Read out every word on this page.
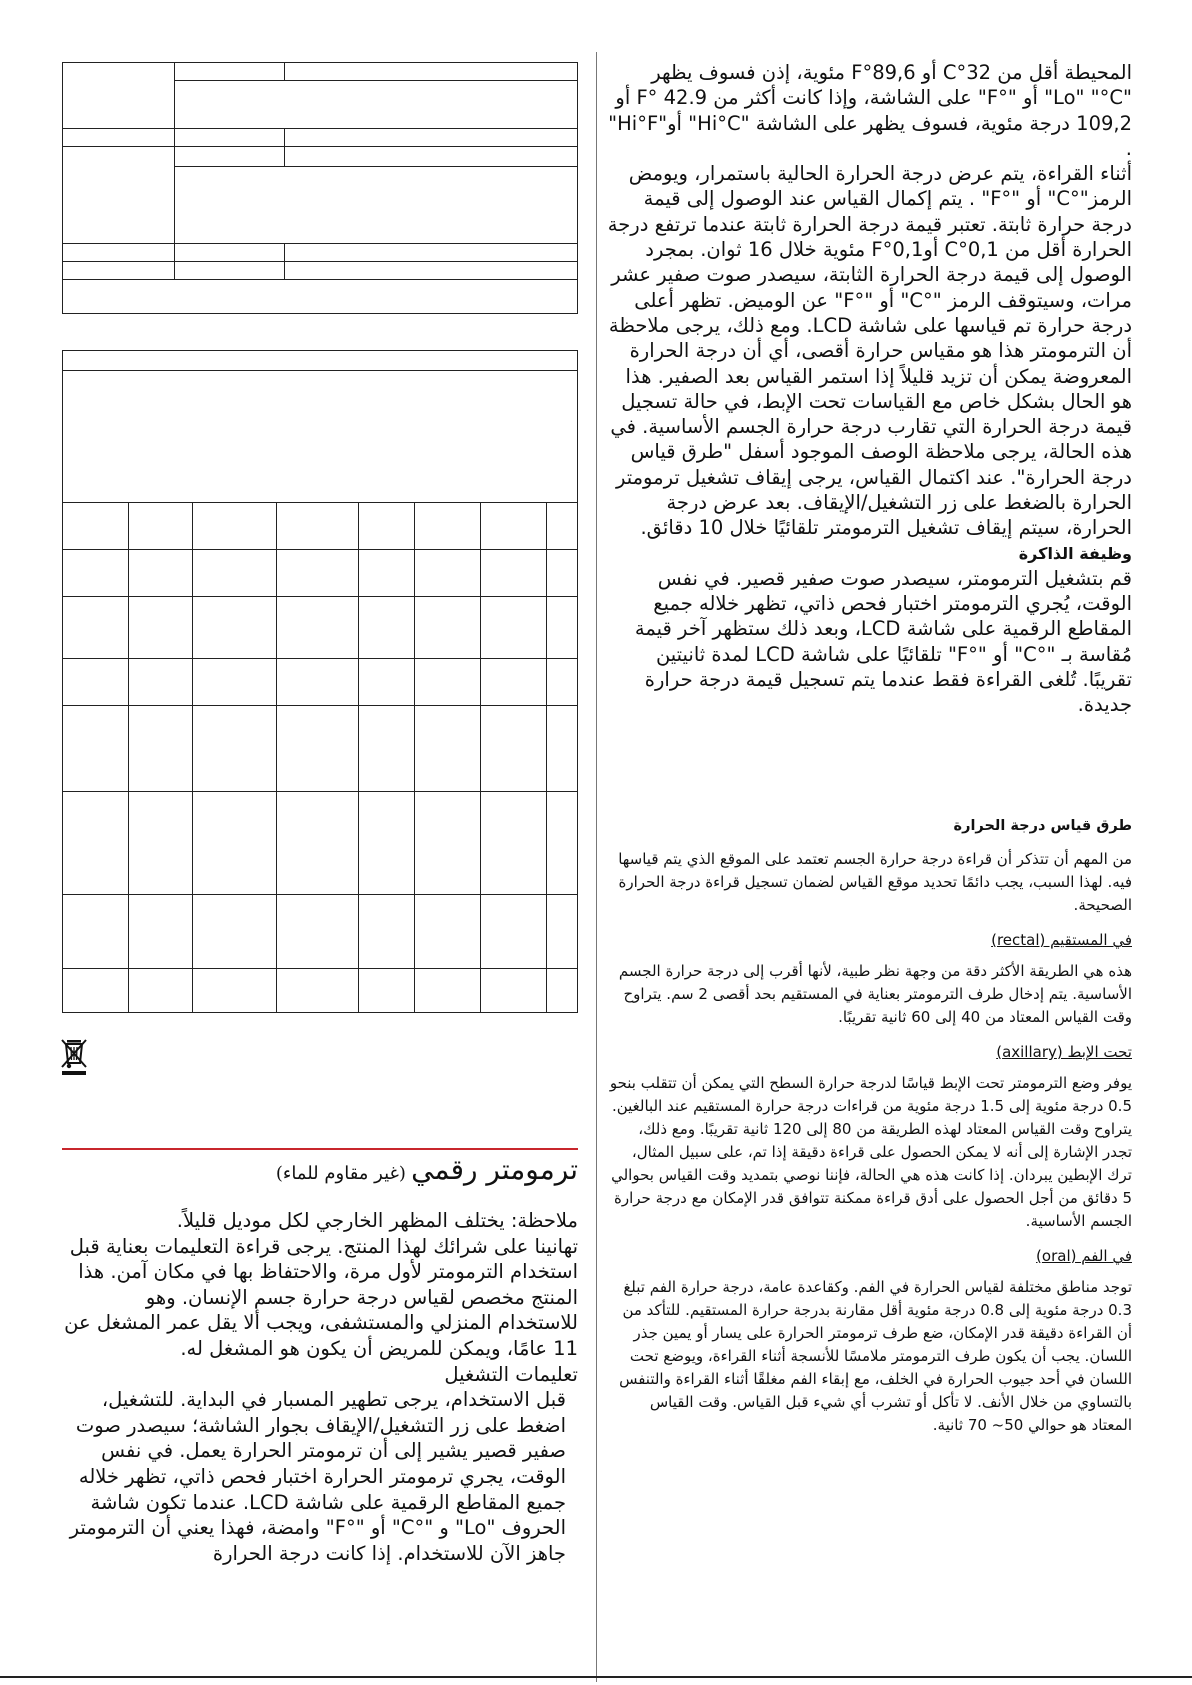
ترمومتر رقمي (غير مقاوم للماء)

ملاحظة: يختلف المظهر الخارجي لكل موديل قليلاً.

تهانينا على شرائك لهذا المنتج. يرجى قراءة التعليمات بعناية قبل استخدام الترمومتر لأول مرة، والاحتفاظ بها في مكان آمن. هذا المنتج مخصص لقياس درجة حرارة جسم الإنسان. وهو للاستخدام المنزلي والمستشفى، ويجب ألا يقل عمر المشغل عن 11 عامًا، ويمكن للمريض أن يكون هو المشغل له.

تعليمات التشغيل

قبل الاستخدام، يرجى تطهير المسبار في البداية. للتشغيل، اضغط على زر التشغيل/الإيقاف بجوار الشاشة؛ سيصدر صوت صفير قصير يشير إلى أن ترمومتر الحرارة يعمل. في نفس الوقت، يجري ترمومتر الحرارة اختبار فحص ذاتي، تظهر خلاله جميع المقاطع الرقمية على شاشة LCD. عندما تكون شاشة الحروف "Lo" و "°C" أو "°F" وامضة، فهذا يعني أن الترمومتر جاهز الآن للاستخدام. إذا كانت درجة الحرارة

المحيطة أقل من 32°C أو 89,6°F مئوية، إذن فسوف يظهر "Lo" "°C" أو "°F" على الشاشة، وإذا كانت أكثر من 42.9 °F أو 109,2 درجة مئوية، فسوف يظهر على الشاشة "Hi°C" أو"Hi°F" .

أثناء القراءة، يتم عرض درجة الحرارة الحالية باستمرار، ويومض الرمز"°C" أو "°F" . يتم إكمال القياس عند الوصول إلى قيمة درجة حرارة ثابتة. تعتبر قيمة درجة الحرارة ثابتة عندما ترتفع درجة الحرارة أقل من 0,1°C أو0,1°F مئوية خلال 16 ثوان. بمجرد الوصول إلى قيمة درجة الحرارة الثابتة، سيصدر صوت صفير عشر مرات، وسيتوقف الرمز "°C" أو "°F" عن الوميض. تظهر أعلى درجة حرارة تم قياسها على شاشة LCD. ومع ذلك، يرجى ملاحظة أن الترمومتر هذا هو مقياس حرارة أقصى، أي أن درجة الحرارة المعروضة يمكن أن تزيد قليلاً إذا استمر القياس بعد الصفير. هذا هو الحال بشكل خاص مع القياسات تحت الإبط، في حالة تسجيل قيمة درجة الحرارة التي تقارب درجة حرارة الجسم الأساسية. في هذه الحالة، يرجى ملاحظة الوصف الموجود أسفل "طرق قياس درجة الحرارة". عند اكتمال القياس، يرجى إيقاف تشغيل ترمومتر الحرارة بالضغط على زر التشغيل/الإيقاف. بعد عرض درجة الحرارة، سيتم إيقاف تشغيل الترمومتر تلقائيًا خلال 10 دقائق.

وظيفة الذاكرة

قم بتشغيل الترمومتر، سيصدر صوت صفير قصير. في نفس الوقت، يُجري الترمومتر اختبار فحص ذاتي، تظهر خلاله جميع المقاطع الرقمية على شاشة LCD، وبعد ذلك ستظهر آخر قيمة مُقاسة بـ "°C" أو "°F" تلقائيًا على شاشة LCD لمدة ثانيتين تقريبًا. تُلغى القراءة فقط عندما يتم تسجيل قيمة درجة حرارة جديدة.

طرق قياس درجة الحرارة

من المهم أن تتذكر أن قراءة درجة حرارة الجسم تعتمد على الموقع الذي يتم قياسها فيه. لهذا السبب، يجب دائمًا تحديد موقع القياس لضمان تسجيل قراءة درجة الحرارة الصحيحة.

في المستقيم (rectal)

هذه هي الطريقة الأكثر دقة من وجهة نظر طبية، لأنها أقرب إلى درجة حرارة الجسم الأساسية. يتم إدخال طرف الترمومتر بعناية في المستقيم بحد أقصى 2 سم. يتراوح وقت القياس المعتاد من 40 إلى 60 ثانية تقريبًا.

تحت الإبط (axillary)

يوفر وضع الترمومتر تحت الإبط قياسًا لدرجة حرارة السطح التي يمكن أن تتقلب بنحو 0.5 درجة مئوية إلى 1.5 درجة مئوية من قراءات درجة حرارة المستقيم عند البالغين. يتراوح وقت القياس المعتاد لهذه الطريقة من 80 إلى 120 ثانية تقريبًا. ومع ذلك، تجدر الإشارة إلى أنه لا يمكن الحصول على قراءة دقيقة إذا تم، على سبيل المثال، ترك الإبطين يبردان. إذا كانت هذه هي الحالة، فإننا نوصي بتمديد وقت القياس بحوالي 5 دقائق من أجل الحصول على أدق قراءة ممكنة تتوافق قدر الإمكان مع درجة حرارة الجسم الأساسية.

في الفم (oral)

توجد مناطق مختلفة لقياس الحرارة في الفم. وكقاعدة عامة، درجة حرارة الفم تبلغ 0.3 درجة مئوية إلى 0.8 درجة مئوية أقل مقارنة بدرجة حرارة المستقيم. للتأكد من أن القراءة دقيقة قدر الإمكان، ضع طرف ترمومتر الحرارة على يسار أو يمين جذر اللسان. يجب أن يكون طرف الترمومتر ملامسًا للأنسجة أثناء القراءة، ويوضع تحت اللسان في أحد جيوب الحرارة في الخلف، مع إبقاء الفم مغلقًا أثناء القراءة والتنفس بالتساوي من خلال الأنف. لا تأكل أو تشرب أي شيء قبل القياس. وقت القياس المعتاد هو حوالي 50~ 70 ثانية.
